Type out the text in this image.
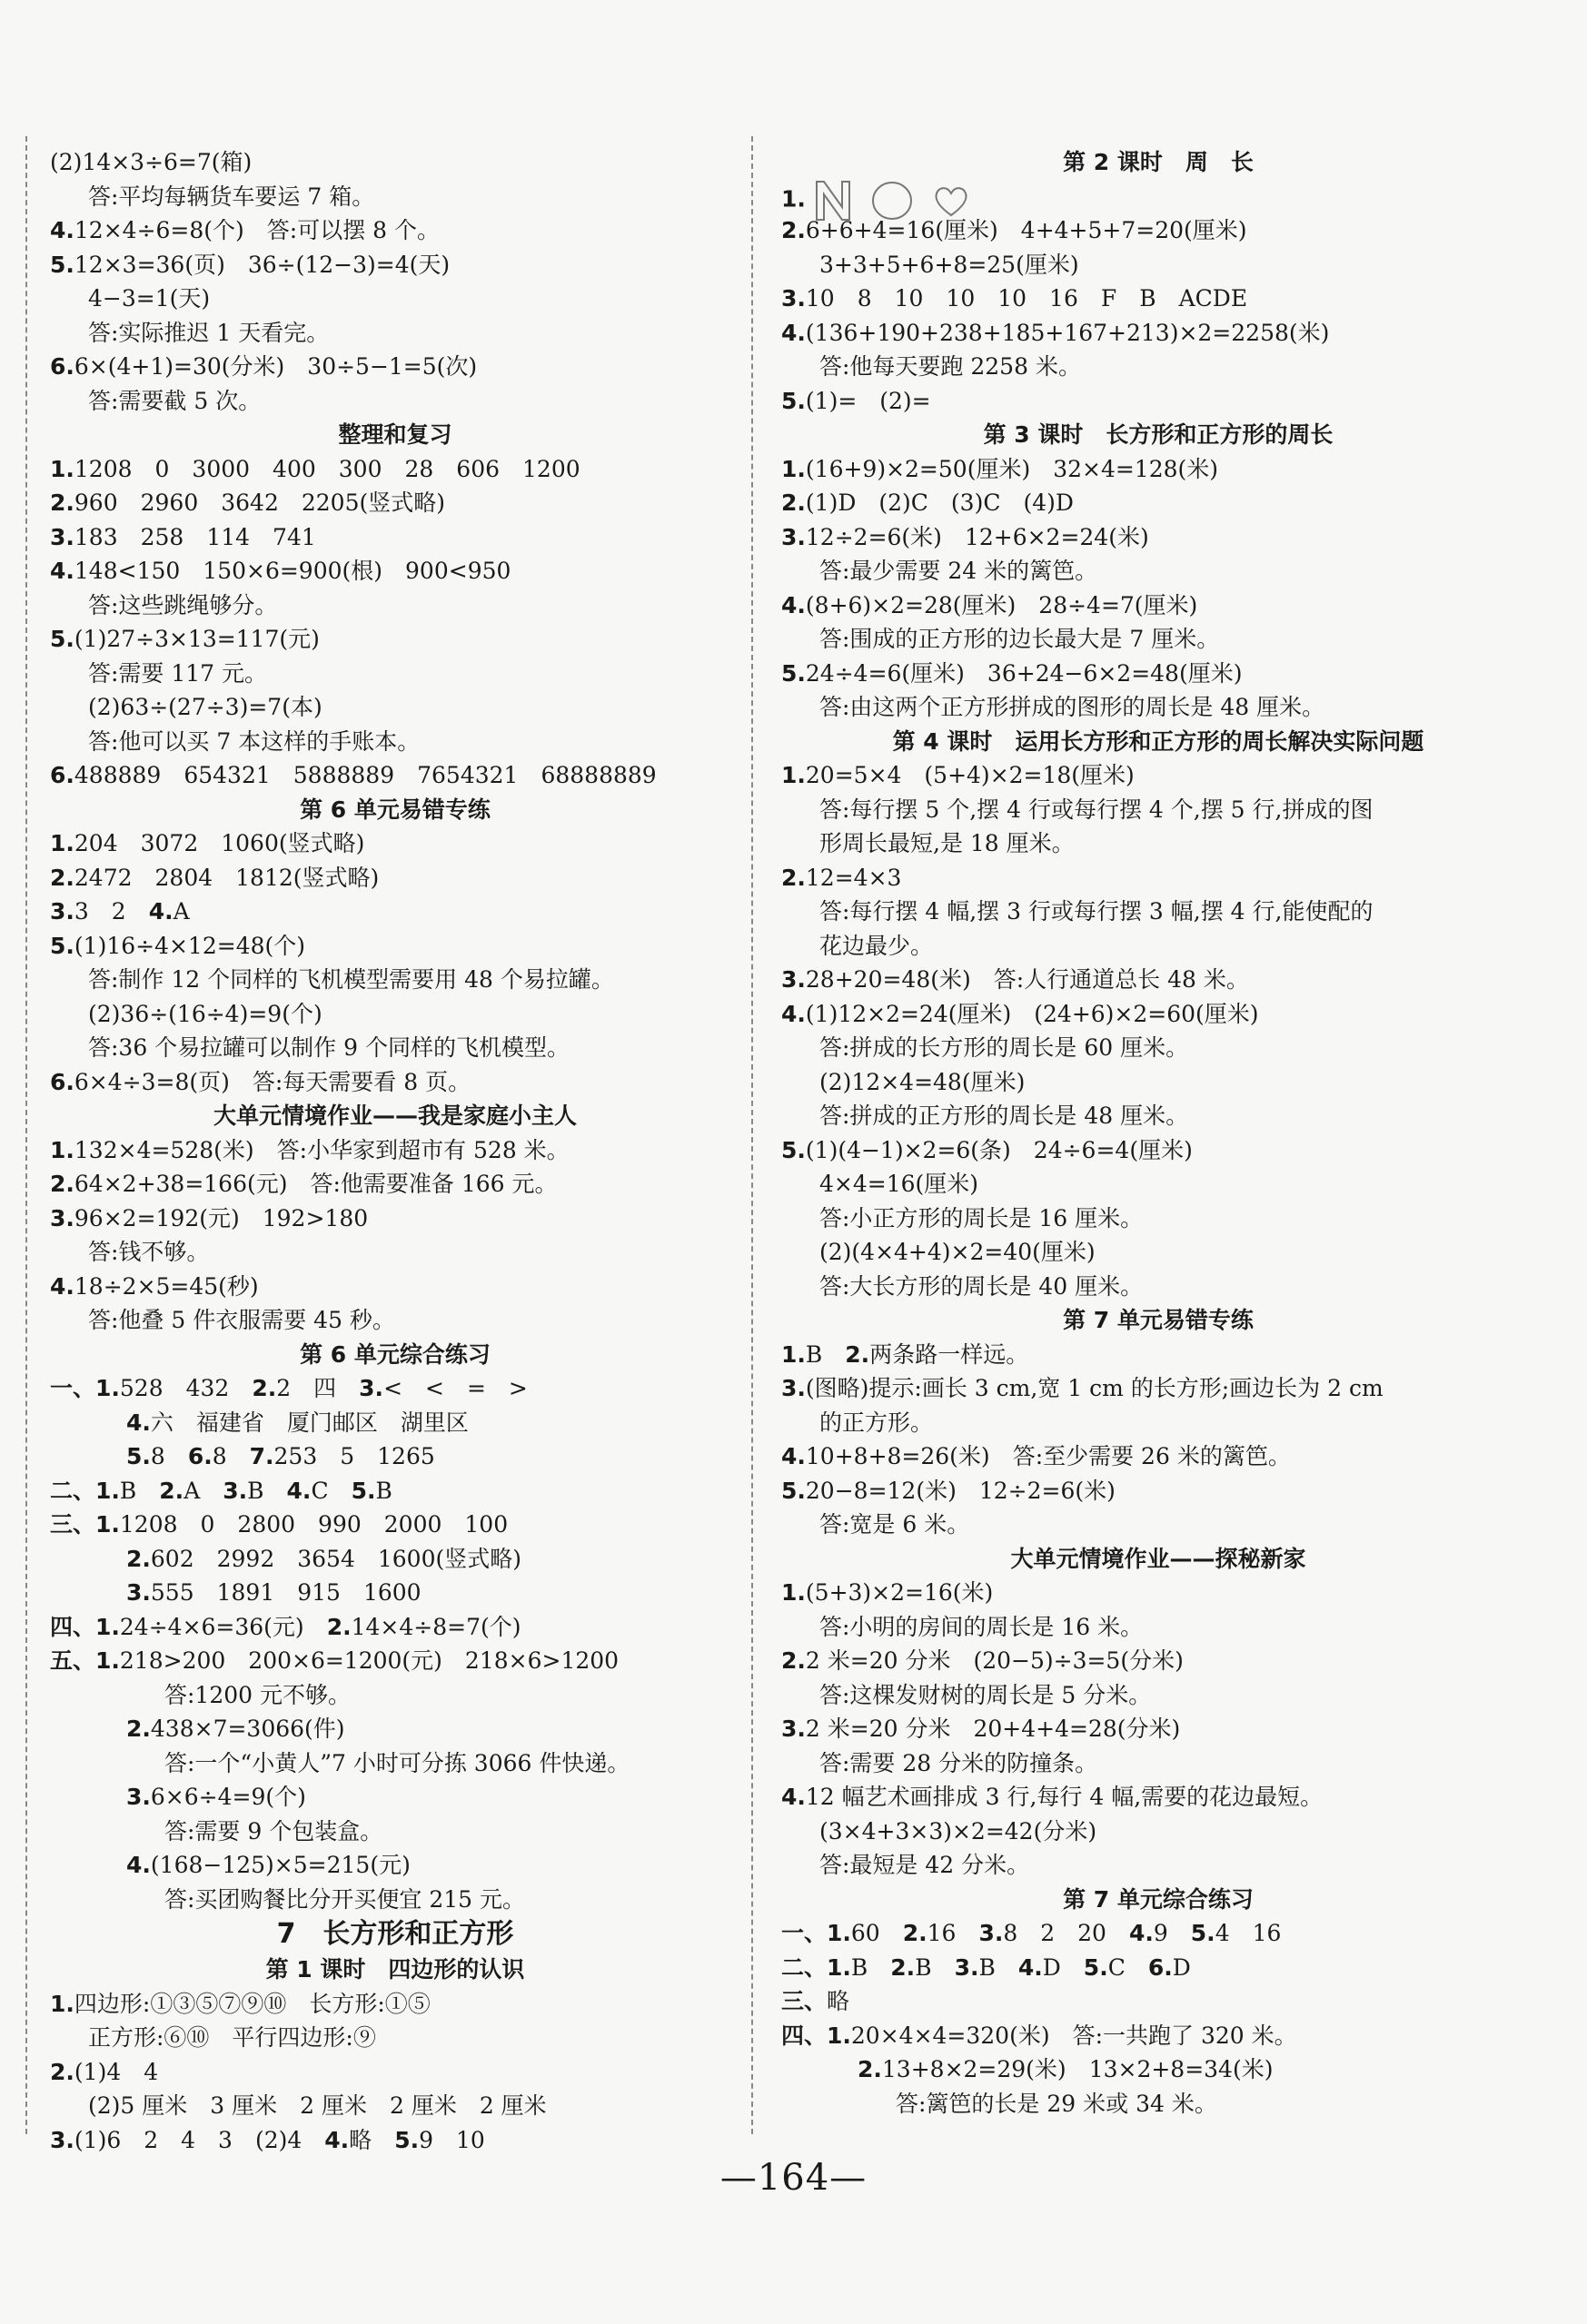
(2)14×3÷6=7(箱)
答:平均每辆货车要运 7 箱。
4.12×4÷6=8(个)　答:可以摆 8 个。
5.12×3=36(页)　36÷(12−3)=4(天)
4−3=1(天)
答:实际推迟 1 天看完。
6.6×(4+1)=30(分米)　30÷5−1=5(次)
答:需要截 5 次。
整理和复习
1.1208　0　3000　400　300　28　606　1200
2.960　2960　3642　2205(竖式略)
3.183　258　114　741
4.148<150　150×6=900(根)　900<950
答:这些跳绳够分。
5.(1)27÷3×13=117(元)
答:需要 117 元。
(2)63÷(27÷3)=7(本)
答:他可以买 7 本这样的手账本。
6.488889　654321　5888889　7654321　68888889
第 6 单元易错专练
1.204　3072　1060(竖式略)
2.2472　2804　1812(竖式略)
3.3　2　4.A
5.(1)16÷4×12=48(个)
答:制作 12 个同样的飞机模型需要用 48 个易拉罐。
(2)36÷(16÷4)=9(个)
答:36 个易拉罐可以制作 9 个同样的飞机模型。
6.6×4÷3=8(页)　答:每天需要看 8 页。
大单元情境作业——我是家庭小主人
1.132×4=528(米)　答:小华家到超市有 528 米。
2.64×2+38=166(元)　答:他需要准备 166 元。
3.96×2=192(元)　192>180
答:钱不够。
4.18÷2×5=45(秒)
答:他叠 5 件衣服需要 45 秒。
第 6 单元综合练习
一、1.528　432　2.2　四　3.<　<　=　>
4.六　福建省　厦门邮区　湖里区
5.8　6.8　7.253　5　1265
二、1.B　2.A　3.B　4.C　5.B
三、1.1208　0　2800　990　2000　100
2.602　2992　3654　1600(竖式略)
3.555　1891　915　1600
四、1.24÷4×6=36(元)　2.14×4÷8=7(个)
五、1.218>200　200×6=1200(元)　218×6>1200
答:1200 元不够。
2.438×7=3066(件)
答:一个“小黄人”7 小时可分拣 3066 件快递。
3.6×6÷4=9(个)
答:需要 9 个包装盒。
4.(168−125)×5=215(元)
答:买团购餐比分开买便宜 215 元。
7　长方形和正方形
第 1 课时　四边形的认识
1.四边形:①③⑤⑦⑨⑩　长方形:①⑤
正方形:⑥⑩　平行四边形:⑨
2.(1)4　4
(2)5 厘米　3 厘米　2 厘米　2 厘米　2 厘米
3.(1)6　2　4　3　(2)4　4.略　5.9　10
第 2 课时　周　长
1.
2.6+6+4=16(厘米)　4+4+5+7=20(厘米)
3+3+5+6+8=25(厘米)
3.10　8　10　10　10　16　F　B　ACDE
4.(136+190+238+185+167+213)×2=2258(米)
答:他每天要跑 2258 米。
5.(1)=　(2)=
第 3 课时　长方形和正方形的周长
1.(16+9)×2=50(厘米)　32×4=128(米)
2.(1)D　(2)C　(3)C　(4)D
3.12÷2=6(米)　12+6×2=24(米)
答:最少需要 24 米的篱笆。
4.(8+6)×2=28(厘米)　28÷4=7(厘米)
答:围成的正方形的边长最大是 7 厘米。
5.24÷4=6(厘米)　36+24−6×2=48(厘米)
答:由这两个正方形拼成的图形的周长是 48 厘米。
第 4 课时　运用长方形和正方形的周长解决实际问题
1.20=5×4　(5+4)×2=18(厘米)
答:每行摆 5 个,摆 4 行或每行摆 4 个,摆 5 行,拼成的图
形周长最短,是 18 厘米。
2.12=4×3
答:每行摆 4 幅,摆 3 行或每行摆 3 幅,摆 4 行,能使配的
花边最少。
3.28+20=48(米)　答:人行通道总长 48 米。
4.(1)12×2=24(厘米)　(24+6)×2=60(厘米)
答:拼成的长方形的周长是 60 厘米。
(2)12×4=48(厘米)
答:拼成的正方形的周长是 48 厘米。
5.(1)(4−1)×2=6(条)　24÷6=4(厘米)
4×4=16(厘米)
答:小正方形的周长是 16 厘米。
(2)(4×4+4)×2=40(厘米)
答:大长方形的周长是 40 厘米。
第 7 单元易错专练
1.B　2.两条路一样远。
3.(图略)提示:画长 3 cm,宽 1 cm 的长方形;画边长为 2 cm
的正方形。
4.10+8+8=26(米)　答:至少需要 26 米的篱笆。
5.20−8=12(米)　12÷2=6(米)
答:宽是 6 米。
大单元情境作业——探秘新家
1.(5+3)×2=16(米)
答:小明的房间的周长是 16 米。
2.2 米=20 分米　(20−5)÷3=5(分米)
答:这棵发财树的周长是 5 分米。
3.2 米=20 分米　20+4+4=28(分米)
答:需要 28 分米的防撞条。
4.12 幅艺术画排成 3 行,每行 4 幅,需要的花边最短。
(3×4+3×3)×2=42(分米)
答:最短是 42 分米。
第 7 单元综合练习
一、1.60　2.16　3.8　2　20　4.9　5.4　16
二、1.B　2.B　3.B　4.D　5.C　6.D
三、略
四、1.20×4×4=320(米)　答:一共跑了 320 米。
2.13+8×2=29(米)　13×2+8=34(米)
答:篱笆的长是 29 米或 34 米。
—164—
